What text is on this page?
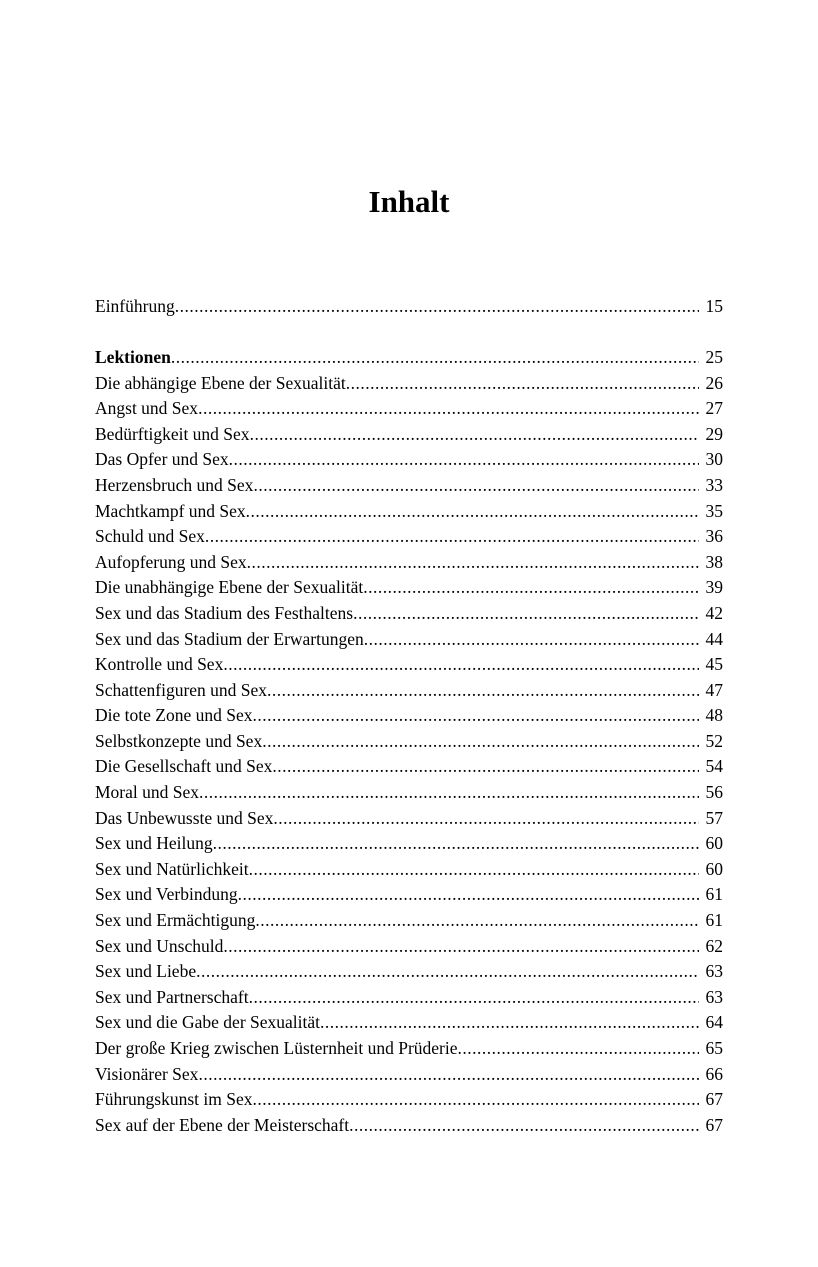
Inhalt
Einführung .....	15
Lektionen .....	25
Die abhängige Ebene der Sexualität .....	26
Angst und Sex .....	27
Bedürftigkeit und Sex .....	29
Das Opfer und Sex .....	30
Herzensbruch und Sex .....	33
Machtkampf und Sex .....	35
Schuld und Sex .....	36
Aufopferung und Sex .....	38
Die unabhängige Ebene der Sexualität .....	39
Sex und das Stadium des Festhaltens .....	42
Sex und das Stadium der Erwartungen .....	44
Kontrolle und Sex .....	45
Schattenfiguren und Sex .....	47
Die tote Zone und Sex .....	48
Selbstkonzepte und Sex .....	52
Die Gesellschaft und Sex .....	54
Moral und Sex .....	56
Das Unbewusste und Sex .....	57
Sex und Heilung .....	60
Sex und Natürlichkeit .....	60
Sex und Verbindung .....	61
Sex und Ermächtigung .....	61
Sex und Unschuld .....	62
Sex und Liebe .....	63
Sex und Partnerschaft .....	63
Sex und die Gabe der Sexualität .....	64
Der große Krieg zwischen Lüsternheit und Prüderie .....	65
Visionärer Sex .....	66
Führungskunst im Sex .....	67
Sex auf der Ebene der Meisterschaft .....	67
